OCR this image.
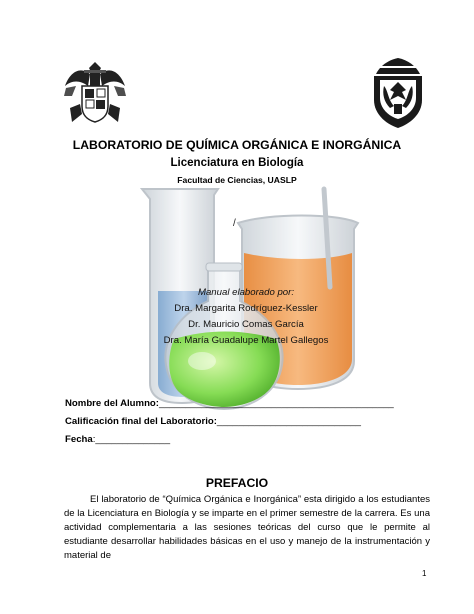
LABORATORIO DE QUÍMICA ORGÁNICA E INORGÁNICA
Licenciatura en Biología
Facultad de Ciencias, UASLP
/
Manual elaborado por:
Dra. Margarita Rodríguez-Kessler
Dr. Mauricio Comas García
Dra. María Guadalupe Martel Gallegos
Nombre del Alumno:____________________________________________
Calificación final del Laboratorio:___________________________
Fecha:______________
PREFACIO
El laboratorio de “Química Orgánica e Inorgánica” esta dirigido a los estudiantes de la Licenciatura en Biología y se imparte en el primer semestre de la carrera. Es una actividad complementaria a las sesiones teóricas del curso que le permite al estudiante desarrollar habilidades básicas en el uso y manejo de la instrumentación y material de
1
